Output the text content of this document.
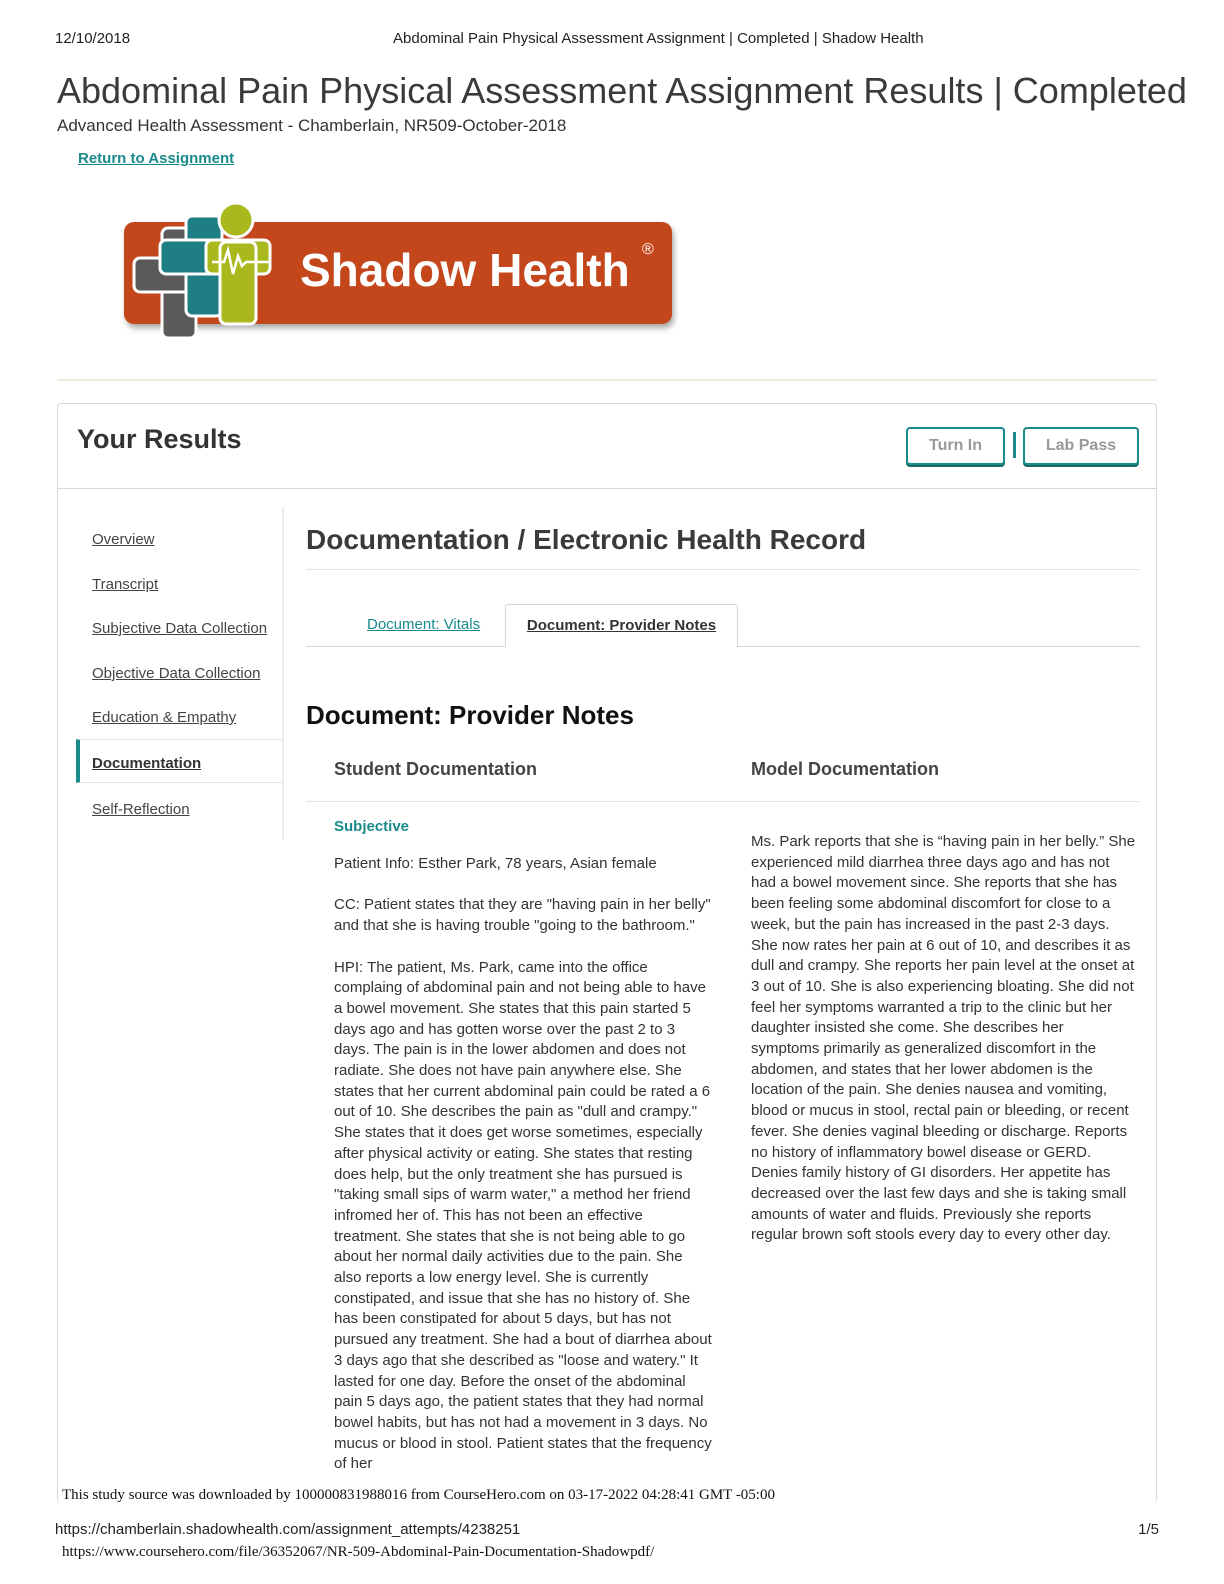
12/10/2018	Abdominal Pain Physical Assessment Assignment | Completed | Shadow Health
Abdominal Pain Physical Assessment Assignment Results | Completed
Advanced Health Assessment - Chamberlain, NR509-October-2018
Return to Assignment
Shadow Health ®
Your Results	Turn In	Lab Pass
Overview
Transcript
Subjective Data Collection
Objective Data Collection
Education & Empathy
Documentation
Self-Reflection
Documentation / Electronic Health Record
Document: Vitals	Document: Provider Notes
Document: Provider Notes
Student Documentation	Model Documentation
Subjective
Patient Info: Esther Park, 78 years, Asian female

CC: Patient states that they are "having pain in her belly" and that she is having trouble "going to the bathroom."

HPI: The patient, Ms. Park, came into the office complaing of abdominal pain and not being able to have a bowel movement. She states that this pain started 5 days ago and has gotten worse over the past 2 to 3 days. The pain is in the lower abdomen and does not radiate. She does not have pain anywhere else. She states that her current abdominal pain could be rated a 6 out of 10. She describes the pain as "dull and crampy." She states that it does get worse sometimes, especially after physical activity or eating. She states that resting does help, but the only treatment she has pursued is "taking small sips of warm water," a method her friend infromed her of. This has not been an effective treatment. She states that she is not being able to go about her normal daily activities due to the pain. She also reports a low energy level. She is currently constipated, and issue that she has no history of. She has been constipated for about 5 days, but has not pursued any treatment. She had a bout of diarrhea about 3 days ago that she described as "loose and watery." It lasted for one day. Before the onset of the abdominal pain 5 days ago, the patient states that they had normal bowel habits, but has not had a movement in 3 days. No mucus or blood in stool. Patient states that the frequency of her
Ms. Park reports that she is “having pain in her belly.” She experienced mild diarrhea three days ago and has not had a bowel movement since. She reports that she has been feeling some abdominal discomfort for close to a week, but the pain has increased in the past 2-3 days. She now rates her pain at 6 out of 10, and describes it as dull and crampy. She reports her pain level at the onset at 3 out of 10. She is also experiencing bloating. She did not feel her symptoms warranted a trip to the clinic but her daughter insisted she come. She describes her symptoms primarily as generalized discomfort in the abdomen, and states that her lower abdomen is the location of the pain. She denies nausea and vomiting, blood or mucus in stool, rectal pain or bleeding, or recent fever. She denies vaginal bleeding or discharge. Reports no history of inflammatory bowel disease or GERD. Denies family history of GI disorders. Her appetite has decreased over the last few days and she is taking small amounts of water and fluids. Previously she reports regular brown soft stools every day to every other day.
This study source was downloaded by 100000831988016 from CourseHero.com on 03-17-2022 04:28:41 GMT -05:00
https://chamberlain.shadowhealth.com/assignment_attempts/4238251	1/5
https://www.coursehero.com/file/36352067/NR-509-Abdominal-Pain-Documentation-Shadowpdf/
